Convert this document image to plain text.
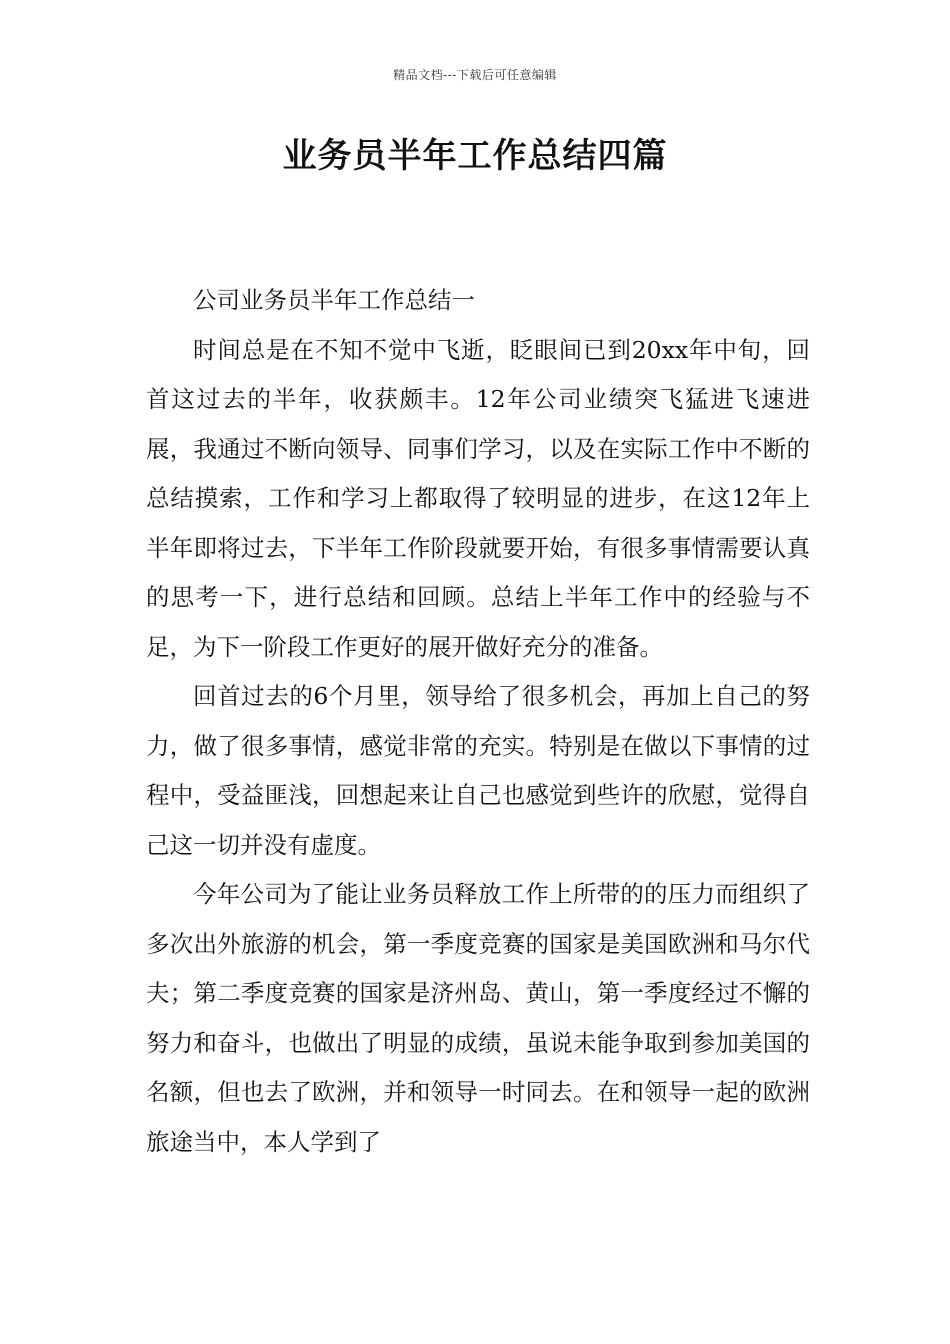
精品文档---下载后可任意编辑
业务员半年工作总结四篇

公司业务员半年工作总结一

时间总是在不知不觉中飞逝，眨眼间已到20xx年中旬，回首这过去的半年，收获颇丰。12年公司业绩突飞猛进飞速进展，我通过不断向领导、同事们学习，以及在实际工作中不断的总结摸索，工作和学习上都取得了较明显的进步，在这12年上半年即将过去，下半年工作阶段就要开始，有很多事情需要认真的思考一下，进行总结和回顾。总结上半年工作中的经验与不足，为下一阶段工作更好的展开做好充分的准备。

回首过去的6个月里，领导给了很多机会，再加上自己的努力，做了很多事情，感觉非常的充实。特别是在做以下事情的过程中，受益匪浅，回想起来让自己也感觉到些许的欣慰，觉得自己这一切并没有虚度。

今年公司为了能让业务员释放工作上所带的的压力而组织了多次出外旅游的机会，第一季度竞赛的国家是美国欧洲和马尔代夫；第二季度竞赛的国家是济州岛、黄山，第一季度经过不懈的努力和奋斗，也做出了明显的成绩，虽说未能争取到参加美国的名额，但也去了欧洲，并和领导一时同去。在和领导一起的欧洲旅途当中，本人学到了
